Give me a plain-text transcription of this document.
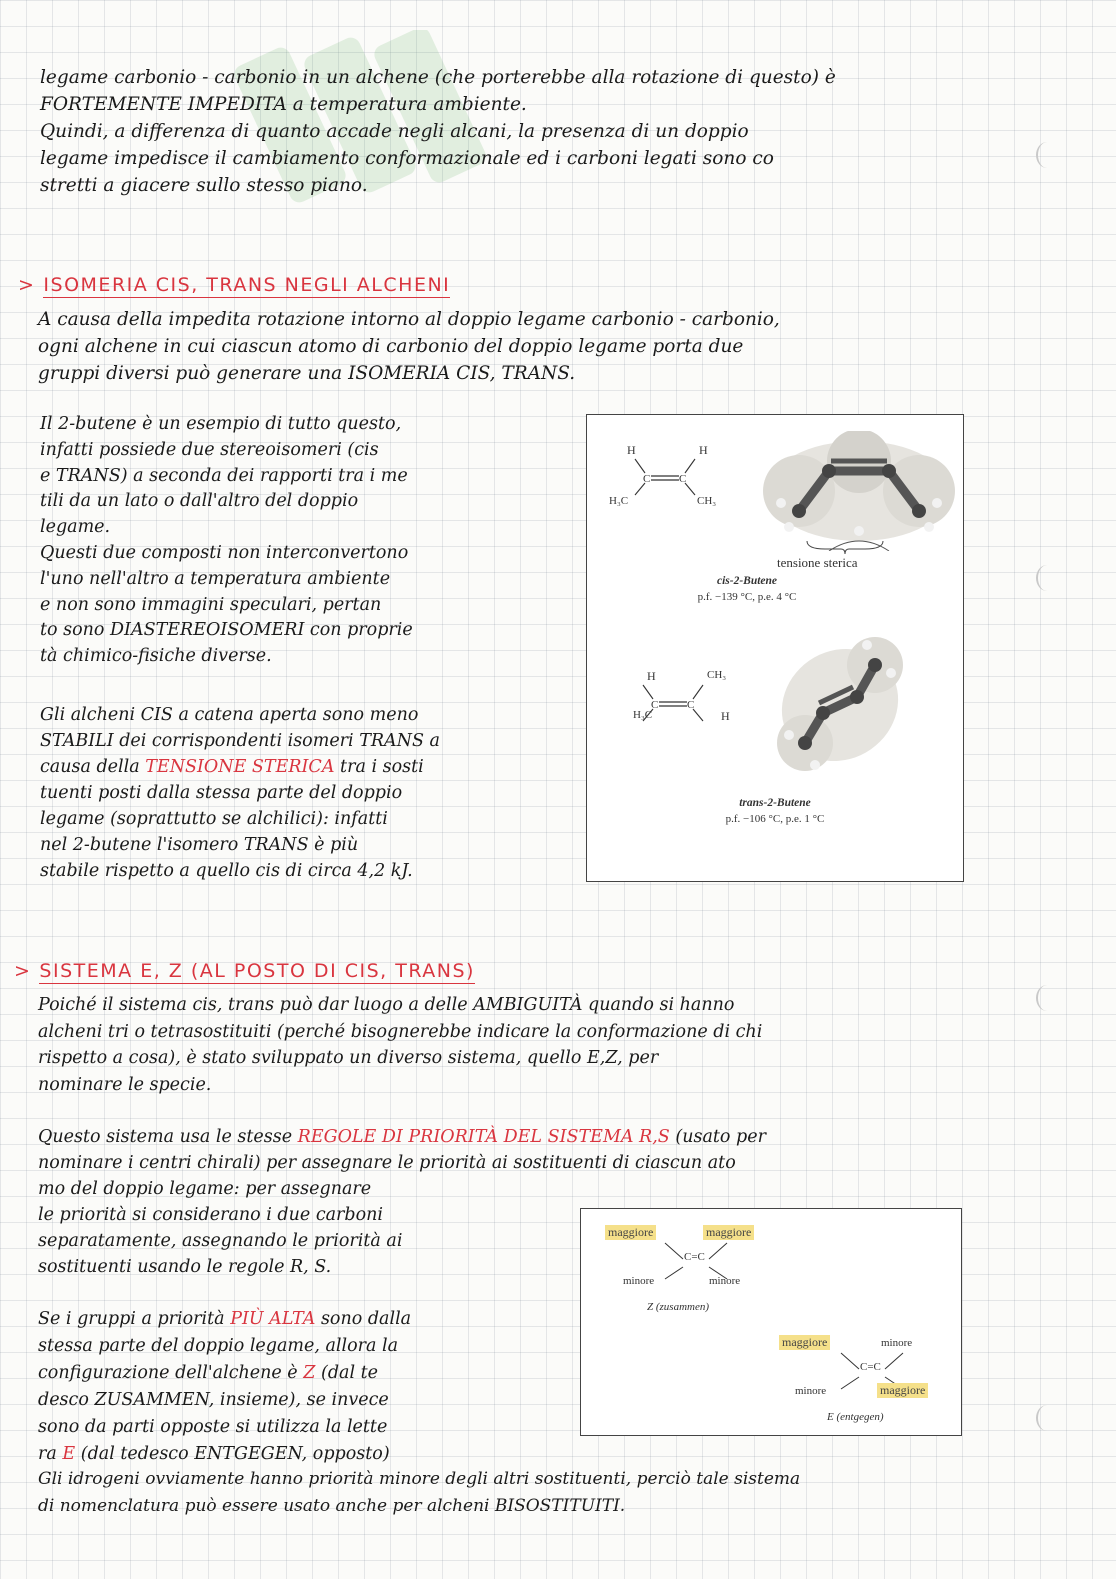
legame carbonio - carbonio in un alchene (che porterebbe alla rotazione di questo) è

FORTEMENTE IMPEDITA a temperatura ambiente.

Quindi, a differenza di quanto accade negli alcani, la presenza di un doppio

legame impedisce il cambiamento conformazionale ed i carboni legati sono co

stretti a giacere sullo stesso piano.

> ISOMERIA CIS, TRANS NEGLI ALCHENI

A causa della impedita rotazione intorno al doppio legame carbonio - carbonio,

ogni alchene in cui ciascun atomo di carbonio del doppio legame porta due

gruppi diversi può generare una ISOMERIA CIS, TRANS.

Il 2-butene è un esempio di tutto questo,

infatti possiede due stereoisomeri (cis

e TRANS) a seconda dei rapporti tra i me

tili da un lato o dall'altro del doppio

legame.

Questi due composti non interconvertono

l'uno nell'altro a temperatura ambiente

e non sono immagini speculari, pertan

to sono DIASTEREOISOMERI con proprie

tà chimico-fisiche diverse.

Gli alcheni CIS a catena aperta sono meno

STABILI dei corrispondenti isomeri TRANS a

causa della TENSIONE STERICA tra i sosti

tuenti posti dalla stessa parte del doppio

legame (soprattutto se alchilici): infatti

nel 2-butene l'isomero TRANS è più

stabile rispetto a quello cis di circa 4,2 kJ.

C	C
H	H
H₃C	CH₃
tensione sterica
cis-2-Butene
p.f. −139 °C, p.e. 4 °C
C	C
H	CH₃
H₃C	H
trans-2-Butene
p.f. −106 °C, p.e. 1 °C
> SISTEMA E, Z (AL POSTO DI CIS, TRANS)

Poiché il sistema cis, trans può dar luogo a delle AMBIGUITÀ quando si hanno

alcheni tri o tetrasostituiti (perché bisognerebbe indicare la conformazione di chi

rispetto a cosa), è stato sviluppato un diverso sistema, quello E,Z, per

nominare le specie.

Questo sistema usa le stesse REGOLE DI PRIORITÀ DEL SISTEMA R,S (usato per

nominare i centri chirali) per assegnare le priorità ai sostituenti di ciascun ato

mo del doppio legame: per assegnare

le priorità si considerano i due carboni

separatamente, assegnando le priorità ai

sostituenti usando le regole R, S.

Se i gruppi a priorità PIÙ ALTA sono dalla

stessa parte del doppio legame, allora la

configurazione dell'alchene è Z (dal te

desco ZUSAMMEN, insieme), se invece

sono da parti opposte si utilizza la lette

ra E (dal tedesco ENTGEGEN, opposto)

Gli idrogeni ovviamente hanno priorità minore degli altri sostituenti, perciò tale sistema

di nomenclatura può essere usato anche per alcheni BISOSTITUITI.

maggiore	maggiore
C=C
minore	minore
Z (zusammen)
maggiore	minore
C=C
minore	maggiore
E (entgegen)
